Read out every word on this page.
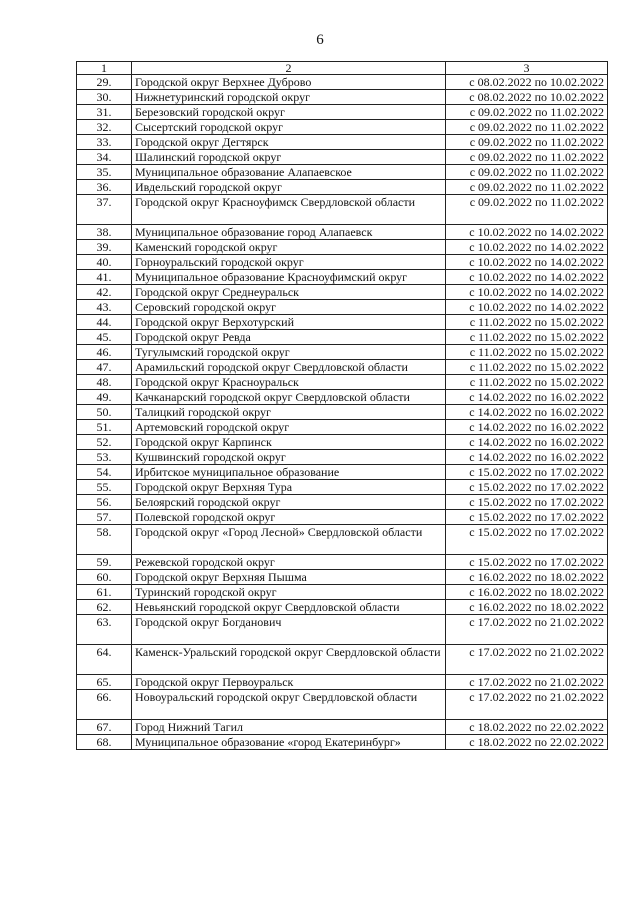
6
1	2	3
29.	Городской округ Верхнее Дуброво	с 08.02.2022 по 10.02.2022
30.	Нижнетуринский городской округ	с 08.02.2022 по 10.02.2022
31.	Березовский городской округ	с 09.02.2022 по 11.02.2022
32.	Сысертский городской округ	с 09.02.2022 по 11.02.2022
33.	Городской округ Дегтярск	с 09.02.2022 по 11.02.2022
34.	Шалинский городской округ	с 09.02.2022 по 11.02.2022
35.	Муниципальное образование Алапаевское	с 09.02.2022 по 11.02.2022
36.	Ивдельский городской округ	с 09.02.2022 по 11.02.2022
37.	Городской округ Красноуфимск Свердловской области	с 09.02.2022 по 11.02.2022
38.	Муниципальное образование город Алапаевск	с 10.02.2022 по 14.02.2022
39.	Каменский городской округ	с 10.02.2022 по 14.02.2022
40.	Горноуральский городской округ	с 10.02.2022 по 14.02.2022
41.	Муниципальное образование Красноуфимский округ	с 10.02.2022 по 14.02.2022
42.	Городской округ Среднеуральск	с 10.02.2022 по 14.02.2022
43.	Серовский городской округ	с 10.02.2022 по 14.02.2022
44.	Городской округ Верхотурский	с 11.02.2022 по 15.02.2022
45.	Городской округ Ревда	с 11.02.2022 по 15.02.2022
46.	Тугулымский городской округ	с 11.02.2022 по 15.02.2022
47.	Арамильский городской округ Свердловской области	с 11.02.2022 по 15.02.2022
48.	Городской округ Красноуральск	с 11.02.2022 по 15.02.2022
49.	Качканарский городской округ Свердловской области	с 14.02.2022 по 16.02.2022
50.	Талицкий городской округ	с 14.02.2022 по 16.02.2022
51.	Артемовский городской округ	с 14.02.2022 по 16.02.2022
52.	Городской округ Карпинск	с 14.02.2022 по 16.02.2022
53.	Кушвинский городской округ	с 14.02.2022 по 16.02.2022
54.	Ирбитское муниципальное образование	с 15.02.2022 по 17.02.2022
55.	Городской округ Верхняя Тура	с 15.02.2022 по 17.02.2022
56.	Белоярский городской округ	с 15.02.2022 по 17.02.2022
57.	Полевской городской округ	с 15.02.2022 по 17.02.2022
58.	Городской округ «Город Лесной» Свердловской области	с 15.02.2022 по 17.02.2022
59.	Режевской городской округ	с 15.02.2022 по 17.02.2022
60.	Городской округ Верхняя Пышма	с 16.02.2022 по 18.02.2022
61.	Туринский городской округ	с 16.02.2022 по 18.02.2022
62.	Невьянский городской округ Свердловской области	с 16.02.2022 по 18.02.2022
63.	Городской округ Богданович	с 17.02.2022 по 21.02.2022
64.	Каменск-Уральский городской округ Свердловской области	с 17.02.2022 по 21.02.2022
65.	Городской округ Первоуральск	с 17.02.2022 по 21.02.2022
66.	Новоуральский городской округ Свердловской области	с 17.02.2022 по 21.02.2022
67.	Город Нижний Тагил	с 18.02.2022 по 22.02.2022
68.	Муниципальное образование «город Екатеринбург»	с 18.02.2022 по 22.02.2022
